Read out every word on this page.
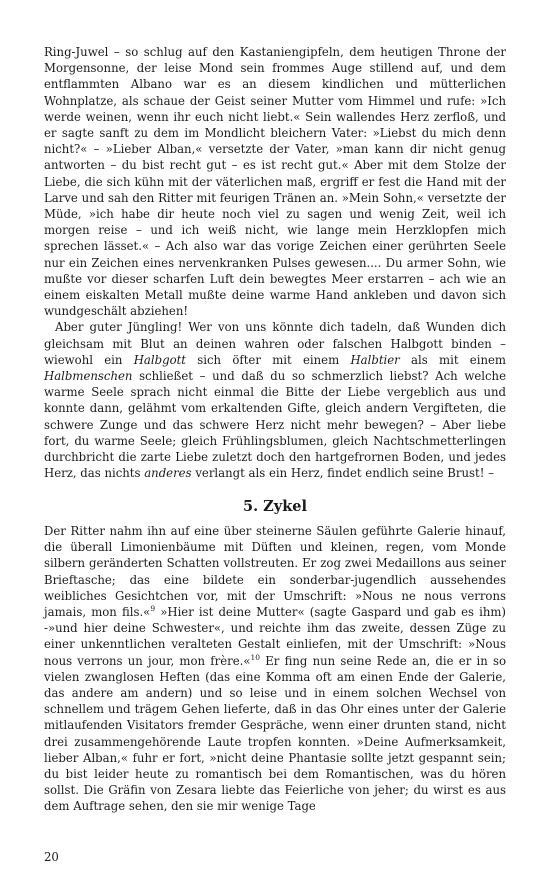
Ring-Juwel – so schlug auf den Kastaniengipfeln, dem heutigen Throne der Morgensonne, der leise Mond sein frommes Auge stillend auf, und dem entflammten Albano war es an diesem kindlichen und mütterlichen Wohnplatze, als schaue der Geist seiner Mutter vom Himmel und rufe: »Ich werde weinen, wenn ihr euch nicht liebt.« Sein wallendes Herz zerfloß, und er sagte sanft zu dem im Mondlicht bleichern Vater: »Liebst du mich denn nicht?« – »Lieber Alban,« versetzte der Vater, »man kann dir nicht genug antworten – du bist recht gut – es ist recht gut.« Aber mit dem Stolze der Liebe, die sich kühn mit der väterlichen maß, ergriff er fest die Hand mit der Larve und sah den Ritter mit feurigen Tränen an. »Mein Sohn,« versetzte der Müde, »ich habe dir heute noch viel zu sagen und wenig Zeit, weil ich morgen reise – und ich weiß nicht, wie lange mein Herzklopfen mich sprechen lässet.« – Ach also war das vorige Zeichen einer gerührten Seele nur ein Zeichen eines nervenkranken Pulses gewesen.... Du armer Sohn, wie mußte vor dieser scharfen Luft dein bewegtes Meer erstarren – ach wie an einem eiskalten Metall mußte deine warme Hand ankleben und davon sich wundgeschält abziehen!

Aber guter Jüngling! Wer von uns könnte dich tadeln, daß Wunden dich gleichsam mit Blut an deinen wahren oder falschen Halbgott binden – wiewohl ein Halbgott sich öfter mit einem Halbtier als mit einem Halbmenschen schließet – und daß du so schmerzlich liebst? Ach welche warme Seele sprach nicht einmal die Bitte der Liebe vergeblich aus und konnte dann, gelähmt vom erkaltenden Gifte, gleich andern Vergifteten, die schwere Zunge und das schwere Herz nicht mehr bewegen? – Aber liebe fort, du warme Seele; gleich Frühlingsblumen, gleich Nachtschmetterlingen durchbricht die zarte Liebe zuletzt doch den hartgefrornen Boden, und jedes Herz, das nichts anderes verlangt als ein Herz, findet endlich seine Brust! –

5. Zykel

Der Ritter nahm ihn auf eine über steinerne Säulen geführte Galerie hinauf, die überall Limonienbäume mit Düften und kleinen, regen, vom Monde silbern geränderten Schatten vollstreuten. Er zog zwei Medaillons aus seiner Brieftasche; das eine bildete ein sonderbar-jugendlich aussehendes weibliches Gesichtchen vor, mit der Umschrift: »Nous ne nous verrons jamais, mon fils.«$^9$ »Hier ist deine Mutter« (sagte Gaspard und gab es ihm) -»und hier deine Schwester«, und reichte ihm das zweite, dessen Züge zu einer unkenntlichen veralteten Gestalt einliefen, mit der Umschrift: »Nous nous verrons un jour, mon frère.«$^{10}$ Er fing nun seine Rede an, die er in so vielen zwanglosen Heften (das eine Komma oft am einen Ende der Galerie, das andere am andern) und so leise und in einem solchen Wechsel von schnellem und trägem Gehen lieferte, daß in das Ohr eines unter der Galerie mitlaufenden Visitators fremder Gespräche, wenn einer drunten stand, nicht drei zusammengehörende Laute tropfen konnten. »Deine Aufmerksamkeit, lieber Alban,« fuhr er fort, »nicht deine Phantasie sollte jetzt gespannt sein; du bist leider heute zu romantisch bei dem Romantischen, was du hören sollst. Die Gräfin von Zesara liebte das Feierliche von jeher; du wirst es aus dem Auftrage sehen, den sie mir wenige Tage

20
